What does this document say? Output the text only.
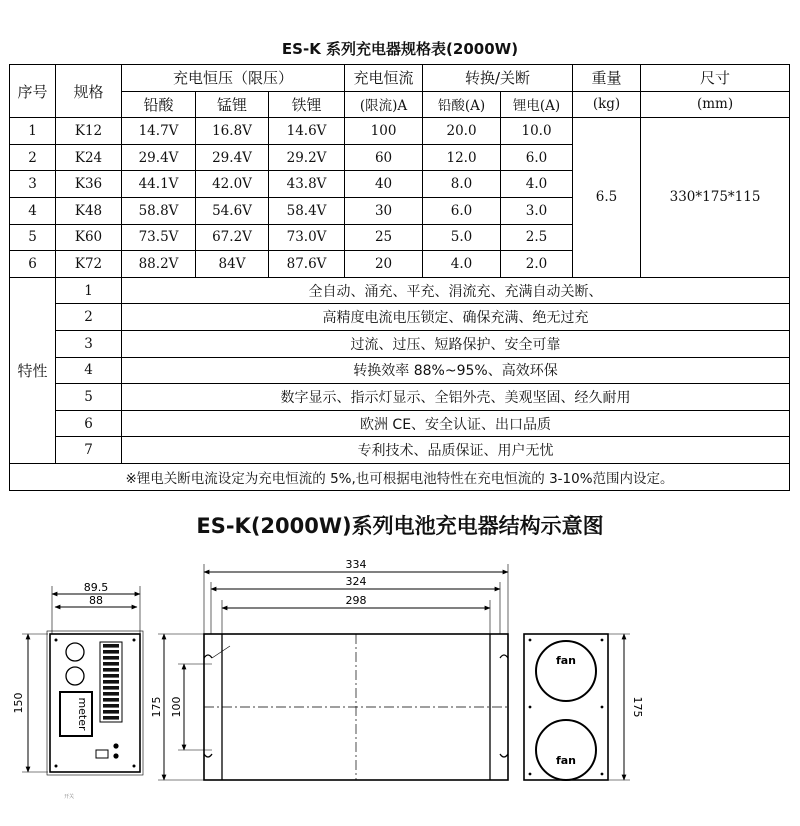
ES-K 系列充电器规格表(2000W)
序号	规格	充电恒压（限压）			充电恒流	转换/关断		重量	尺寸
		铅酸	锰锂	铁锂	(限流)A	铅酸(A)	锂电(A)	(kg)	(mm)
1	K12	14.7V	16.8V	14.6V	100	20.0	10.0	6.5	330*175*115
2	K24	29.4V	29.4V	29.2V	60	12.0	6.0		
3	K36	44.1V	42.0V	43.8V	40	8.0	4.0		
4	K48	58.8V	54.6V	58.4V	30	6.0	3.0		
5	K60	73.5V	67.2V	73.0V	25	5.0	2.5		
6	K72	88.2V	84V	87.6V	20	4.0	2.0		
特性	1	全自动、涌充、平充、涓流充、充满自动关断、							
	2	高精度电流电压锁定、确保充满、绝无过充							
	3	过流、过压、短路保护、安全可靠							
	4	转换效率 88%~95%、高效环保							
	5	数字显示、指示灯显示、全铝外壳、美观坚固、经久耐用							
	6	欧洲 CE、安全认证、出口品质							
	7	专利技术、品质保证、用户无忧							
※锂电关断电流设定为充电恒流的 5%,也可根据电池特性在充电恒流的 3-10%范围内设定。									
ES-K(2000W)系列电池充电器结构示意图
89.5
88
150	meter
开关
334
324
298
175 100
fan
fan
175
